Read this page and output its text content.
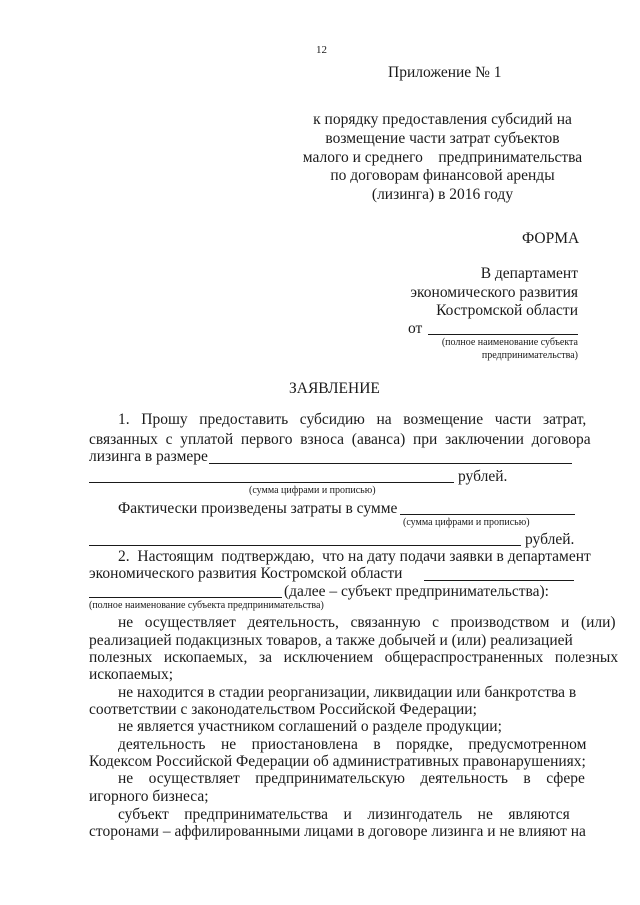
12
Приложение № 1
к порядку предоставления субсидий на
возмещение части затрат субъектов
малого и среднего    предпринимательства
по договорам финансовой аренды
(лизинга) в 2016 году
ФОРМА
В департамент
экономического развития
Костромской области
от
(полное наименование субъекта
предпринимательства)
ЗАЯВЛЕНИЕ
1.   Прошу   предоставить   субсидию   на   возмещение   части   затрат,
связанных  с  уплатой  первого  взноса  (аванса)  при  заключении  договора
лизинга в размере
рублей.
(сумма цифрами и прописью)
Фактически произведены затраты в сумме
(сумма цифрами и прописью)
рублей.
2.  Настоящим  подтверждаю,  что на дату подачи заявки в департамент
экономического развития Костромской области
(далее – субъект предпринимательства):
(полное наименование субъекта предпринимательства)
не   осуществляет   деятельность,   связанную   с   производством   и   (или)
реализацией подакцизных товаров, а также добычей и (или) реализацией
полезных   ископаемых,   за   исключением   общераспространенных   полезных
ископаемых;
не находится в стадии реорганизации, ликвидации или банкротства в
соответствии с законодательством Российской Федерации;
не является участником соглашений о разделе продукции;
деятельность    не    приостановлена    в    порядке,    предусмотренном
Кодексом Российской Федерации об административных правонарушениях;
не    осуществляет    предпринимательскую    деятельность    в    сфере
игорного бизнеса;
субъект    предпринимательства    и    лизингодатель    не    являются
сторонами – аффилированными лицами в договоре лизинга и не влияют на
